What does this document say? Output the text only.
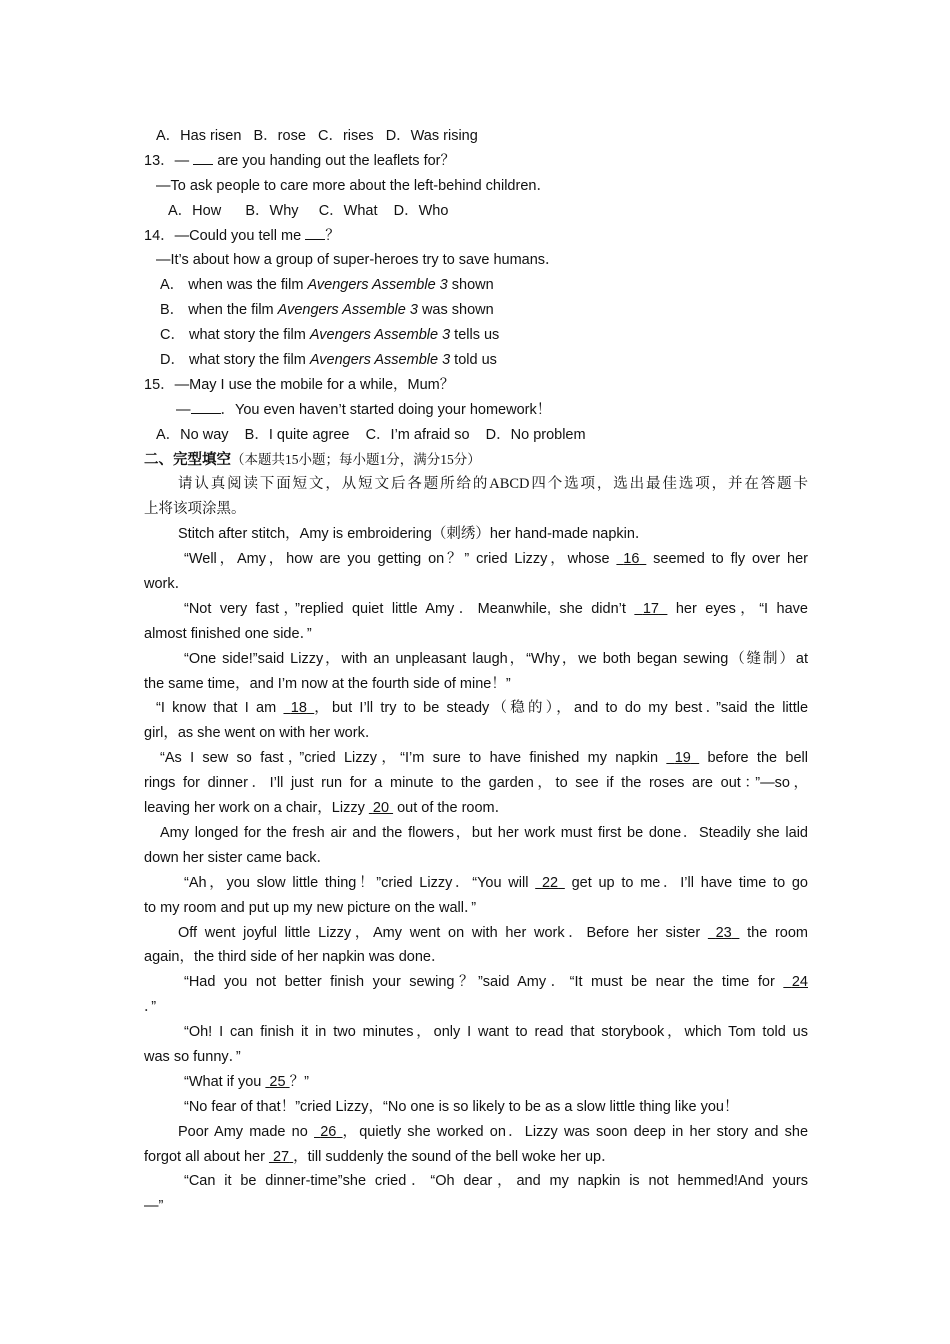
A．Has risen B．rose C．rises D．Was rising
13．— are you handing out the leaflets for？
—To ask people to care more about the left-behind children．
A．How B．Why C．What D．Who
14．—Could you tell me ？
—It’s about how a group of super-heroes try to save humans．
A． when was the film Avengers Assemble 3 shown
B． when the film Avengers Assemble 3 was shown
C． what story the film Avengers Assemble 3 tells us
D． what story the film Avengers Assemble 3 told us
15．—May I use the mobile for a while，Mum？
— ．You even haven’t started doing your homework！
A．No way B．I quite agree C．I’m afraid so D．No problem
二、完型填空（本题共15小题；每小题1分，满分15分）
请认真阅读下面短文，从短文后各题所给的ABCD四个选项，选出最佳选项，并在答题卡
上将该项涂黑。
Stitch after stitch，Amy is embroidering（刺绣）her hand-made napkin．
“Well，Amy，how are you getting on？” cried Lizzy，whose  16  seemed to fly over her
work．
“Not very fast，”replied quiet little Amy．Meanwhile, she didn’t  17  her eyes，“I have
almost finished one side．”
“One side!”said Lizzy，with an unpleasant laugh，“Why，we both began sewing（缝制）at
the same time，and I’m now at the fourth side of mine！”
“I know that I am  18 ，but I’ll try to be steady（稳的），and to do my best．”said the little
girl，as she went on with her work．
“As I sew so fast，”cried Lizzy，“I’m sure to have finished my napkin  19  before the bell
rings for dinner．I’ll just run for a minute to the garden，to see if the roses are out：”—so，
leaving her work on a chair，Lizzy  20  out of the room．
Amy longed for the fresh air and the flowers，but her work must first be done．Steadily she laid
down her sister came back．
“Ah，you slow little thing！”cried Lizzy．“You will  22  get up to me．I’ll have time to go
to my room and put up my new picture on the wall．”
Off went joyful little Lizzy，Amy went on with her work．Before her sister  23  the room
again，the third side of her napkin was done．
“Had you not better finish your sewing？”said Amy．“It must be near the time for  24
．”
“Oh! I can finish it in two minutes，only I want to read that storybook，which Tom told us
was so funny．”
“What if you  25 ？”
“No fear of that！”cried Lizzy，“No one is so likely to be as a slow little thing like you！
Poor Amy made no  26 ，quietly she worked on．Lizzy was soon deep in her story and she
forgot all about her  27 ，till suddenly the sound of the bell woke her up．
“Can it be dinner-time”she cried．“Oh dear，and my napkin is not hemmed!And yours
—”
